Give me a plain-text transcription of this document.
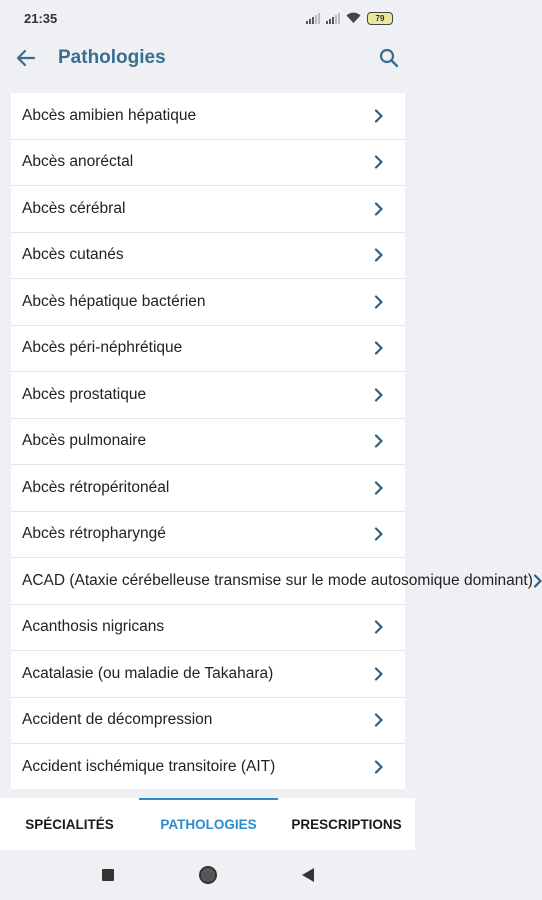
21:35	79
Pathologies
Abcès amibien hépatique
Abcès anoréctal
Abcès cérébral
Abcès cutanés
Abcès hépatique bactérien
Abcès péri-néphrétique
Abcès prostatique
Abcès pulmonaire
Abcès rétropéritonéal
Abcès rétropharyngé
ACAD (Ataxie cérébelleuse transmise sur le mode autosomique dominant)
Acanthosis nigricans
Acatalasie (ou maladie de Takahara)
Accident de décompression
Accident ischémique transitoire (AIT)
SPÉCIALITÉS	PATHOLOGIES	PRESCRIPTIONS
